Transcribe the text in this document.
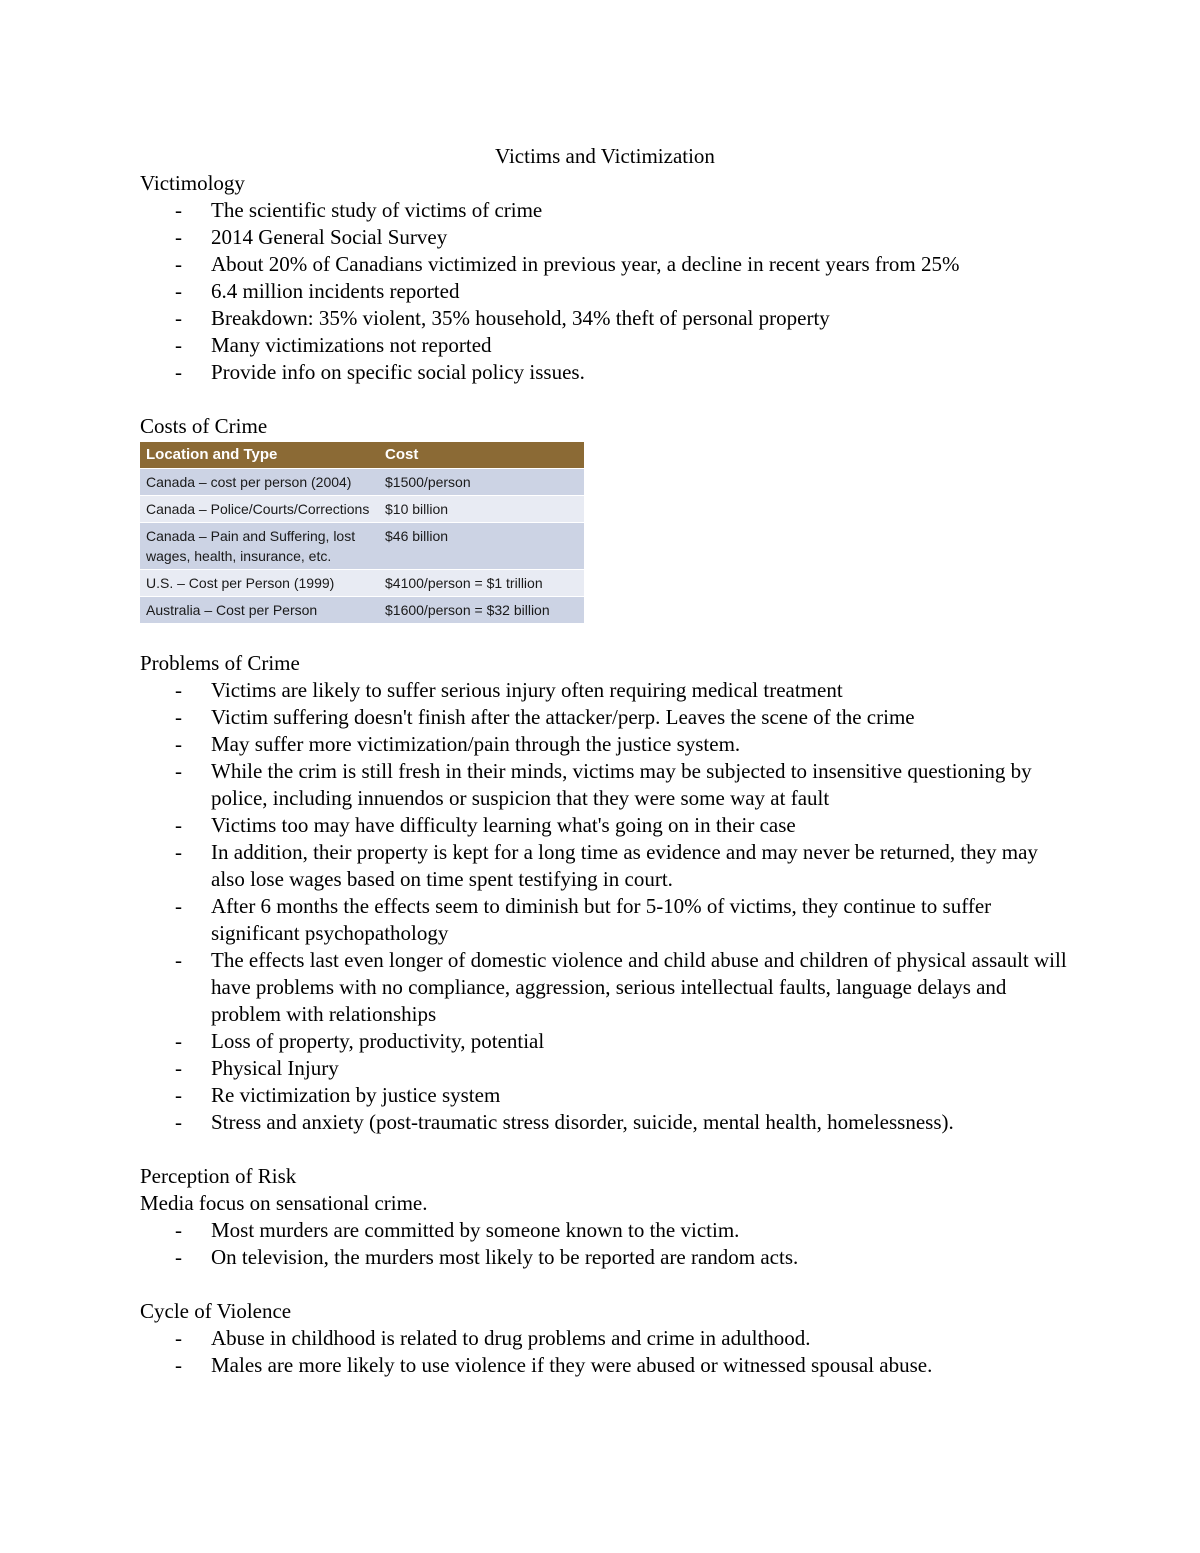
Victims and Victimization
Victimology
- The scientific study of victims of crime
- 2014 General Social Survey
- About 20% of Canadians victimized in previous year, a decline in recent years from 25%
- 6.4 million incidents reported
- Breakdown: 35% violent, 35% household, 34% theft of personal property
- Many victimizations not reported
- Provide info on specific social policy issues.
Costs of Crime
Location and Type	Cost
Canada – cost per person (2004)	$1500/person
Canada – Police/Courts/Corrections	$10 billion
Canada – Pain and Suffering, lost wages, health, insurance, etc.	$46 billion
U.S. – Cost per Person (1999)	$4100/person = $1 trillion
Australia – Cost per Person	$1600/person = $32 billion
Problems of Crime
- Victims are likely to suffer serious injury often requiring medical treatment
- Victim suffering doesn't finish after the attacker/perp. Leaves the scene of the crime
- May suffer more victimization/pain through the justice system.
- While the crim is still fresh in their minds, victims may be subjected to insensitive questioning by police, including innuendos or suspicion that they were some way at fault
- Victims too may have difficulty learning what's going on in their case
- In addition, their property is kept for a long time as evidence and may never be returned, they may also lose wages based on time spent testifying in court.
- After 6 months the effects seem to diminish but for 5-10% of victims, they continue to suffer significant psychopathology
- The effects last even longer of domestic violence and child abuse and children of physical assault will have problems with no compliance, aggression, serious intellectual faults, language delays and problem with relationships
- Loss of property, productivity, potential
- Physical Injury
- Re victimization by justice system
- Stress and anxiety (post-traumatic stress disorder, suicide, mental health, homelessness).
Perception of Risk

Media focus on sensational crime.

- Most murders are committed by someone known to the victim.
- On television, the murders most likely to be reported are random acts.
Cycle of Violence
- Abuse in childhood is related to drug problems and crime in adulthood.
- Males are more likely to use violence if they were abused or witnessed spousal abuse.
